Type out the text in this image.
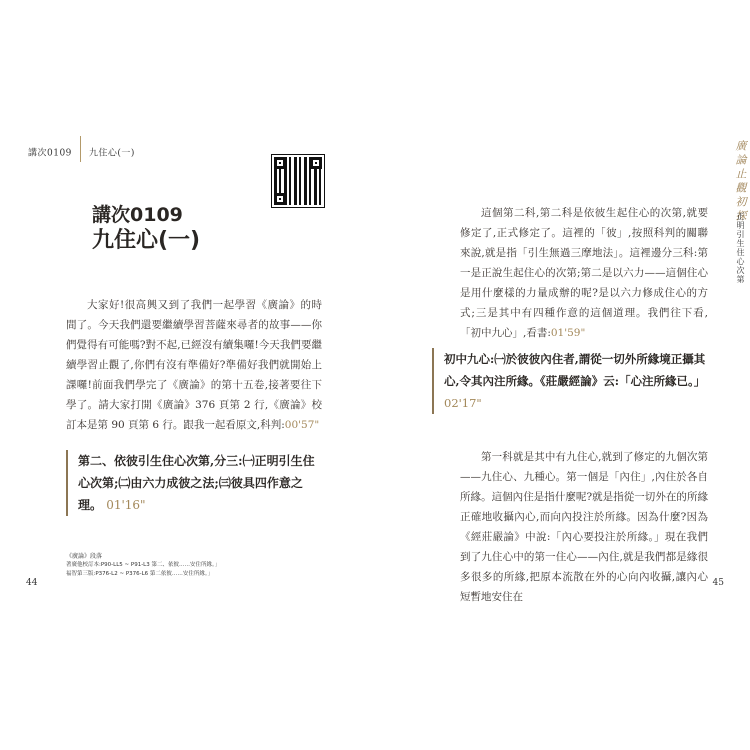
講次0109 九住心(一)
講次0109
九住心(一)

大家好!很高興又到了我們一起學習《廣論》的時間了。今天我們還要繼續學習菩薩來尋者的故事——你們覺得有可能嗎?對不起,已經沒有續集囉!今天我們要繼續學習止觀了,你們有沒有準備好?準備好我們就開始上課囉!前面我們學完了《廣論》的第十五卷,接著要往下學了。請大家打開《廣論》376 頁第 2 行,《廣論》校訂本是第 90 頁第 6 行。跟我一起看原文,科判:00'57"

第二、依彼引生住心次第,分三:㈠正明引生住心次第;㈡由六力成彼之法;㈢彼具四作意之理。 01'16"
《廣論》段落
著廣他校訂本:P90-LL5 ~ P91-L3 第二、依彼……安住所緣。」
福智第三版:P376-L2 ~ P376-L6 第二依彼……安住所緣。」
44
廣論止觀初探
正明引生住心次第

這個第二科,第二科是依彼生起住心的次第,就要修定了,正式修定了。這裡的「彼」,按照科判的關聯來說,就是指「引生無過三摩地法」。這裡邊分三科:第一是正說生起住心的次第;第二是以六力——這個住心是用什麼樣的力量成辦的呢?是以六力修成住心的方式;三是其中有四種作意的這個道理。我們往下看,「初中九心」,看書:01'59"

初中九心:㈠於彼彼內住者,謂從一切外所緣境正攝其心,令其內注所緣。《莊嚴經論》云:「心注所緣已。」 02'17"

第一科就是其中有九住心,就到了修定的九個次第——九住心、九種心。第一個是「內住」,內住於各自所緣。這個內住是指什麼呢?就是指從一切外在的所緣正確地收攝內心,而向內投注於所緣。因為什麼?因為《經莊嚴論》中說:「內心要投注於所緣。」現在我們到了九住心中的第一住心——內住,就是我們都是緣很多很多的所緣,把原本流散在外的心向內收攝,讓內心短暫地安住在

45
